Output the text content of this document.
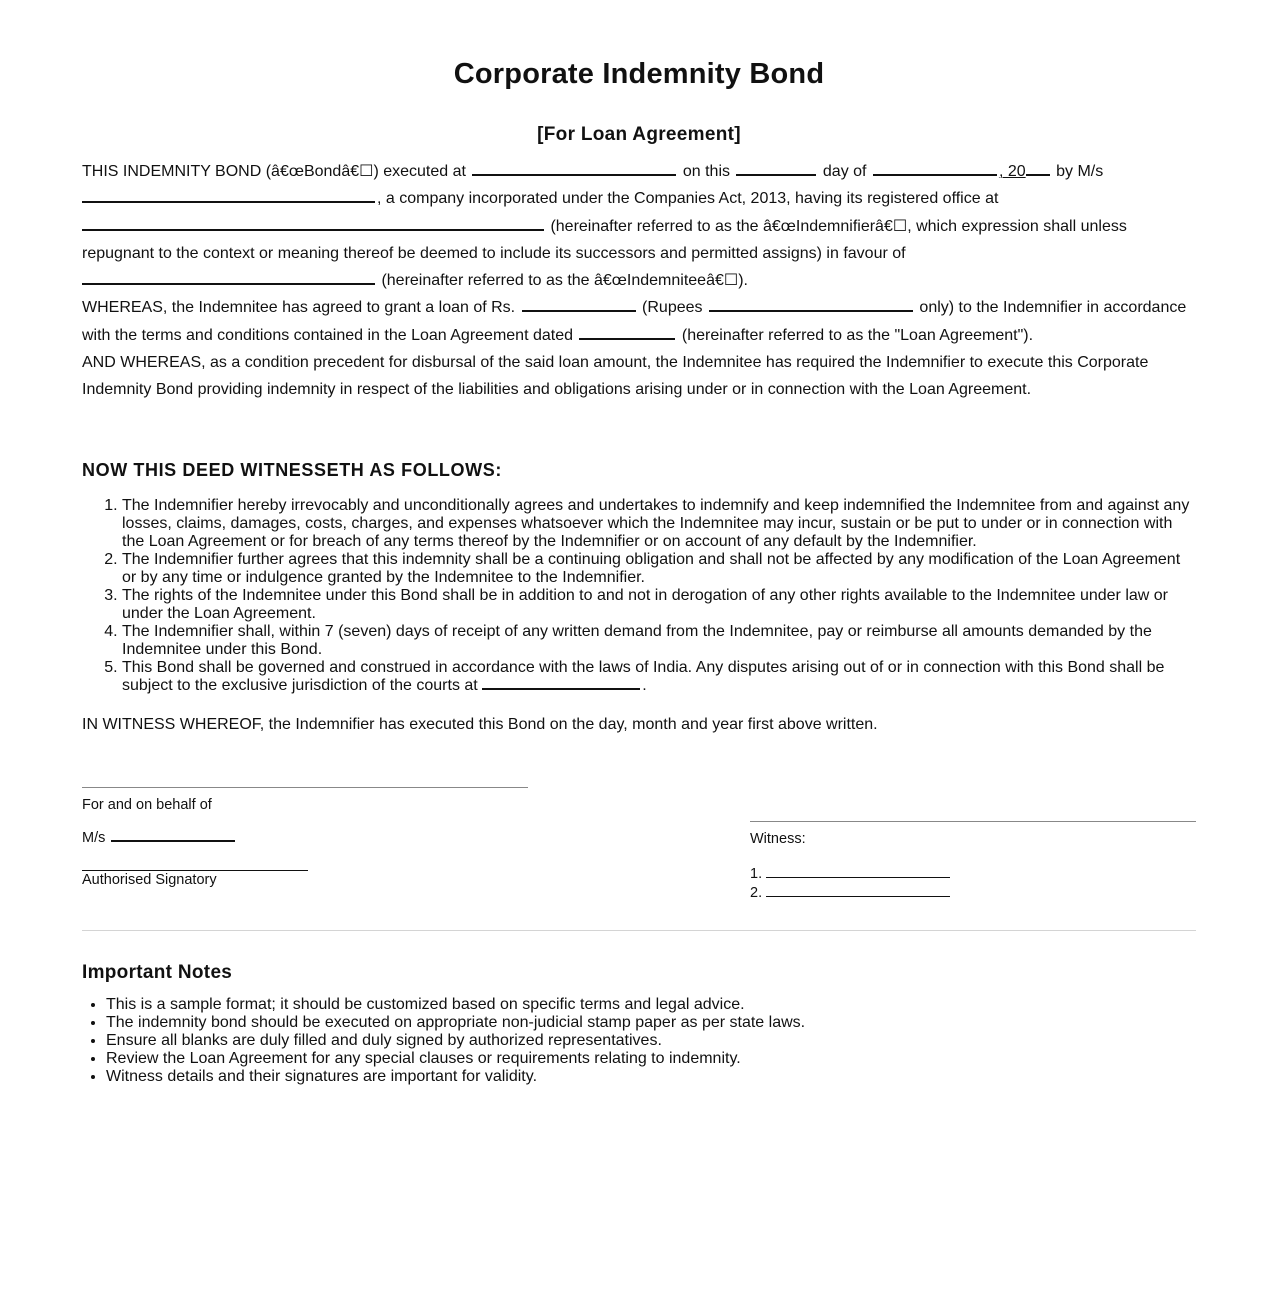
Corporate Indemnity Bond
[For Loan Agreement]

THIS INDEMNITY BOND (â€œBondâ€☐) executed at	on this	day of	, 20 by M/s
, a company incorporated under the Companies Act, 2013, having its registered office at
(hereinafter referred to as the â€œIndemnifierâ€☐, which expression shall unless repugnant to the context or meaning thereof be deemed to include its successors and permitted assigns) in favour of
(hereinafter referred to as the â€œIndemniteeâ€☐).

WHEREAS, the Indemnitee has agreed to grant a loan of Rs.	(Rupees	only) to the Indemnifier in accordance with the terms and conditions contained in the Loan Agreement dated	(hereinafter referred to as the "Loan Agreement").

AND WHEREAS, as a condition precedent for disbursal of the said loan amount, the Indemnitee has required the Indemnifier to execute this Corporate Indemnity Bond providing indemnity in respect of the liabilities and obligations arising under or in connection with the Loan Agreement.

NOW THIS DEED WITNESSETH AS FOLLOWS:
1. The Indemnifier hereby irrevocably and unconditionally agrees and undertakes to indemnify and keep indemnified the Indemnitee from and against any losses, claims, damages, costs, charges, and expenses whatsoever which the Indemnitee may incur, sustain or be put to under or in connection with the Loan Agreement or for breach of any terms thereof by the Indemnifier or on account of any default by the Indemnifier.
2. The Indemnifier further agrees that this indemnity shall be a continuing obligation and shall not be affected by any modification of the Loan Agreement or by any time or indulgence granted by the Indemnitee to the Indemnifier.
3. The rights of the Indemnitee under this Bond shall be in addition to and not in derogation of any other rights available to the Indemnitee under law or under the Loan Agreement.
4. The Indemnifier shall, within 7 (seven) days of receipt of any written demand from the Indemnitee, pay or reimburse all amounts demanded by the Indemnitee under this Bond.
5. This Bond shall be governed and construed in accordance with the laws of India. Any disputes arising out of or in connection with this Bond shall be subject to the exclusive jurisdiction of the courts at	.

IN WITNESS WHEREOF, the Indemnifier has executed this Bond on the day, month and year first above written.

For and on behalf of
M/s
Authorised Signatory
Witness:
1.
2.
Important Notes
• This is a sample format; it should be customized based on specific terms and legal advice.
• The indemnity bond should be executed on appropriate non-judicial stamp paper as per state laws.
• Ensure all blanks are duly filled and duly signed by authorized representatives.
• Review the Loan Agreement for any special clauses or requirements relating to indemnity.
• Witness details and their signatures are important for validity.
